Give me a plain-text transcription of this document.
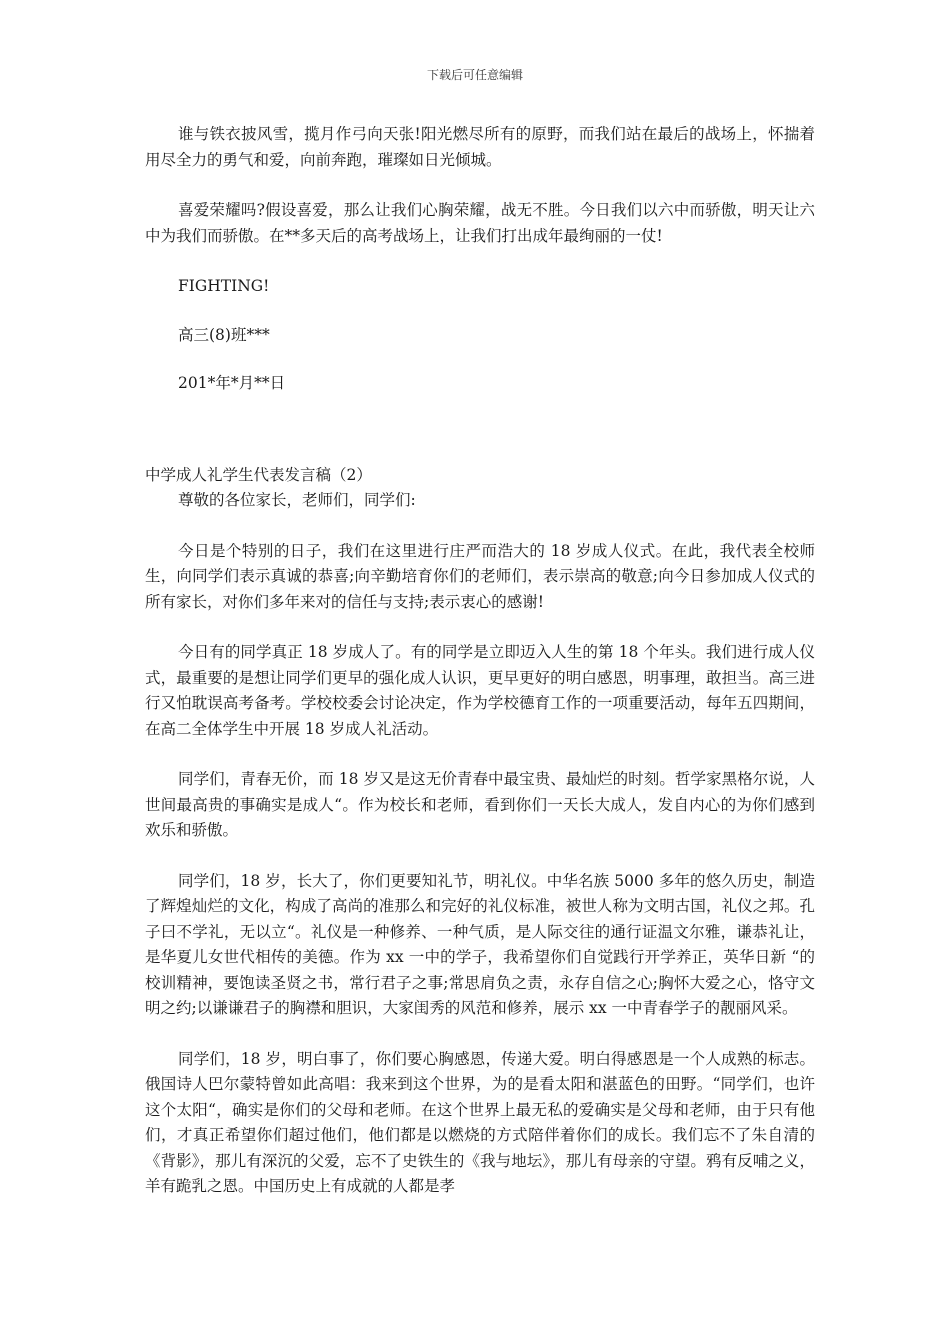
下载后可任意编辑

谁与铁衣披风雪，揽月作弓向天张!阳光燃尽所有的原野，而我们站在最后的战场上，怀揣着用尽全力的勇气和爱，向前奔跑，璀璨如日光倾城。

喜爱荣耀吗?假设喜爱，那么让我们心胸荣耀，战无不胜。今日我们以六中而骄傲，明天让六中为我们而骄傲。在**多天后的高考战场上，让我们打出成年最绚丽的一仗!

FIGHTING!

高三(8)班***

201*年*月**日

中学成人礼学生代表发言稿（2）

尊敬的各位家长，老师们，同学们:

今日是个特别的日子，我们在这里进行庄严而浩大的 18 岁成人仪式。在此，我代表全校师生，向同学们表示真诚的恭喜;向辛勤培育你们的老师们，表示崇高的敬意;向今日参加成人仪式的所有家长，对你们多年来对的信任与支持;表示衷心的感谢!

今日有的同学真正 18 岁成人了。有的同学是立即迈入人生的第 18 个年头。我们进行成人仪式，最重要的是想让同学们更早的强化成人认识，更早更好的明白感恩，明事理，敢担当。高三进行又怕耽误高考备考。学校校委会讨论决定，作为学校德育工作的一项重要活动，每年五四期间，在高二全体学生中开展 18 岁成人礼活动。

同学们，青春无价，而 18 岁又是这无价青春中最宝贵、最灿烂的时刻。哲学家黑格尔说，人世间最高贵的事确实是成人“。作为校长和老师，看到你们一天长大成人，发自内心的为你们感到欢乐和骄傲。

同学们，18 岁，长大了，你们更要知礼节，明礼仪。中华名族 5000 多年的悠久历史，制造了辉煌灿烂的文化，构成了高尚的准那么和完好的礼仪标准，被世人称为文明古国，礼仪之邦。孔子曰不学礼，无以立“。礼仪是一种修养、一种气质，是人际交往的通行证温文尔雅，谦恭礼让，是华夏儿女世代相传的美德。作为 xx 一中的学子，我希望你们自觉践行开学养正，英华日新 “的校训精神，要饱读圣贤之书，常行君子之事;常思肩负之责，永存自信之心;胸怀大爱之心，恪守文明之约;以谦谦君子的胸襟和胆识，大家闺秀的风范和修养，展示 xx 一中青春学子的靓丽风采。

同学们，18 岁，明白事了，你们要心胸感恩，传递大爱。明白得感恩是一个人成熟的标志。俄国诗人巴尔蒙特曾如此高唱：我来到这个世界，为的是看太阳和湛蓝色的田野。“同学们，也许这个太阳“，确实是你们的父母和老师。在这个世界上最无私的爱确实是父母和老师，由于只有他们，才真正希望你们超过他们，他们都是以燃烧的方式陪伴着你们的成长。我们忘不了朱自清的《背影》，那儿有深沉的父爱，忘不了史铁生的《我与地坛》，那儿有母亲的守望。鸦有反哺之义，羊有跪乳之恩。中国历史上有成就的人都是孝
